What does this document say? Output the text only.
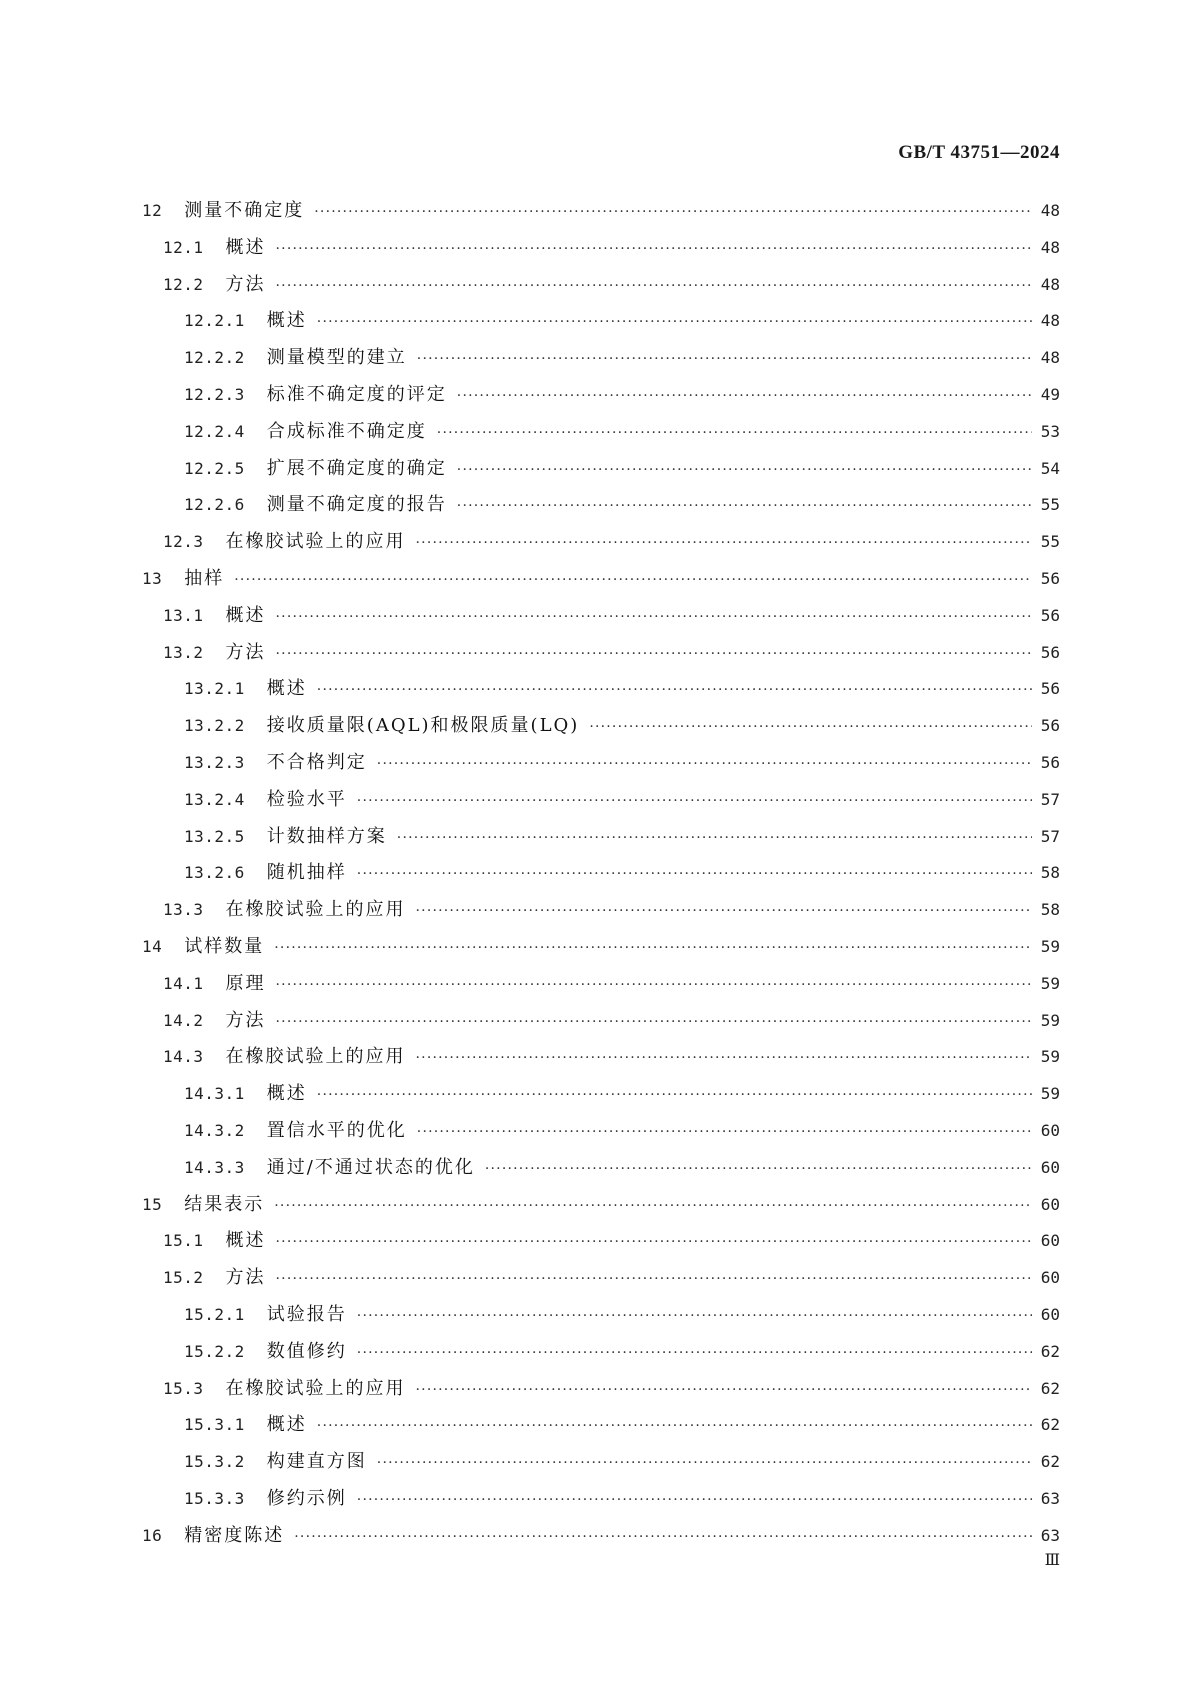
GB/T 43751—2024
12 测量不确定度 ·····	48
12.1 概述 ·····	48
12.2 方法 ·····	48
12.2.1 概述 ·····	48
12.2.2 测量模型的建立 ·····	48
12.2.3 标准不确定度的评定 ·····	49
12.2.4 合成标准不确定度 ·····	53
12.2.5 扩展不确定度的确定 ·····	54
12.2.6 测量不确定度的报告 ·····	55
12.3 在橡胶试验上的应用 ·····	55
13 抽样 ·····	56
13.1 概述 ·····	56
13.2 方法 ·····	56
13.2.1 概述 ·····	56
13.2.2 接收质量限(AQL)和极限质量(LQ) ·····	56
13.2.3 不合格判定 ·····	56
13.2.4 检验水平 ·····	57
13.2.5 计数抽样方案 ·····	57
13.2.6 随机抽样 ·····	58
13.3 在橡胶试验上的应用 ·····	58
14 试样数量 ·····	59
14.1 原理 ·····	59
14.2 方法 ·····	59
14.3 在橡胶试验上的应用 ·····	59
14.3.1 概述 ·····	59
14.3.2 置信水平的优化 ·····	60
14.3.3 通过/不通过状态的优化 ·····	60
15 结果表示 ·····	60
15.1 概述 ·····	60
15.2 方法 ·····	60
15.2.1 试验报告 ·····	60
15.2.2 数值修约 ·····	62
15.3 在橡胶试验上的应用 ·····	62
15.3.1 概述 ·····	62
15.3.2 构建直方图 ·····	62
15.3.3 修约示例 ·····	63
16 精密度陈述 ·····	63
Ⅲ
